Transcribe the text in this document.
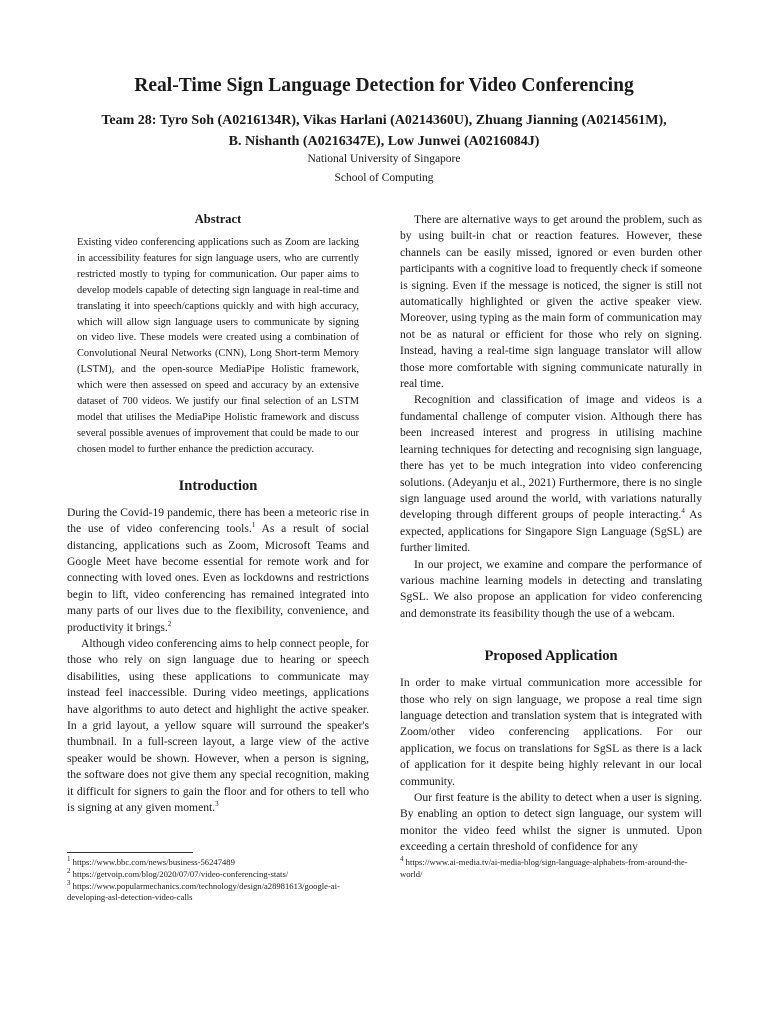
Real-Time Sign Language Detection for Video Conferencing
Team 28: Tyro Soh (A0216134R), Vikas Harlani (A0214360U), Zhuang Jianning (A0214561M),
B. Nishanth (A0216347E), Low Junwei (A0216084J)
National University of Singapore
School of Computing
Abstract

Existing video conferencing applications such as Zoom are lacking in accessibility features for sign language users, who are currently restricted mostly to typing for communication. Our paper aims to develop models capable of detecting sign language in real-time and translating it into speech/captions quickly and with high accuracy, which will allow sign language users to communicate by signing on video live. These models were created using a combination of Convolutional Neural Networks (CNN), Long Short-term Memory (LSTM), and the open-source MediaPipe Holistic framework, which were then assessed on speed and accuracy by an extensive dataset of 700 videos. We justify our final selection of an LSTM model that utilises the MediaPipe Holistic framework and discuss several possible avenues of improvement that could be made to our chosen model to further enhance the prediction accuracy.

Introduction

During the Covid-19 pandemic, there has been a meteoric rise in the use of video conferencing tools.$^1$ As a result of social distancing, applications such as Zoom, Microsoft Teams and Google Meet have become essential for remote work and for connecting with loved ones. Even as lockdowns and restrictions begin to lift, video conferencing has remained integrated into many parts of our lives due to the flexibility, convenience, and productivity it brings.$^2$

Although video conferencing aims to help connect people, for those who rely on sign language due to hearing or speech disabilities, using these applications to communicate may instead feel inaccessible. During video meetings, applications have algorithms to auto detect and highlight the active speaker. In a grid layout, a yellow square will surround the speaker's thumbnail. In a full-screen layout, a large view of the active speaker would be shown. However, when a person is signing, the software does not give them any special recognition, making it difficult for signers to gain the floor and for others to tell who is signing at any given moment.$^3$

There are alternative ways to get around the problem, such as by using built-in chat or reaction features. However, these channels can be easily missed, ignored or even burden other participants with a cognitive load to frequently check if someone is signing. Even if the message is noticed, the signer is still not automatically highlighted or given the active speaker view. Moreover, using typing as the main form of communication may not be as natural or efficient for those who rely on signing. Instead, having a real-time sign language translator will allow those more comfortable with signing communicate naturally in real time.

Recognition and classification of image and videos is a fundamental challenge of computer vision. Although there has been increased interest and progress in utilising machine learning techniques for detecting and recognising sign language, there has yet to be much integration into video conferencing solutions. (Adeyanju et al., 2021) Furthermore, there is no single sign language used around the world, with variations naturally developing through different groups of people interacting.$^4$ As expected, applications for Singapore Sign Language (SgSL) are further limited.

In our project, we examine and compare the performance of various machine learning models in detecting and translating SgSL. We also propose an application for video conferencing and demonstrate its feasibility though the use of a webcam.

Proposed Application

In order to make virtual communication more accessible for those who rely on sign language, we propose a real time sign language detection and translation system that is integrated with Zoom/other video conferencing applications. For our application, we focus on translations for SgSL as there is a lack of application for it despite being highly relevant in our local community.

Our first feature is the ability to detect when a user is signing. By enabling an option to detect sign language, our system will monitor the video feed whilst the signer is unmuted. Upon exceeding a certain threshold of confidence for any

$^1$ https://www.bbc.com/news/business-56247489

$^2$ https://getvoip.com/blog/2020/07/07/video-conferencing-stats/

$^3$ https://www.popularmechanics.com/technology/design/a28981613/google-ai-developing-asl-detection-video-calls

$^4$ https://www.ai-media.tv/ai-media-blog/sign-language-alphabets-from-around-the-world/
